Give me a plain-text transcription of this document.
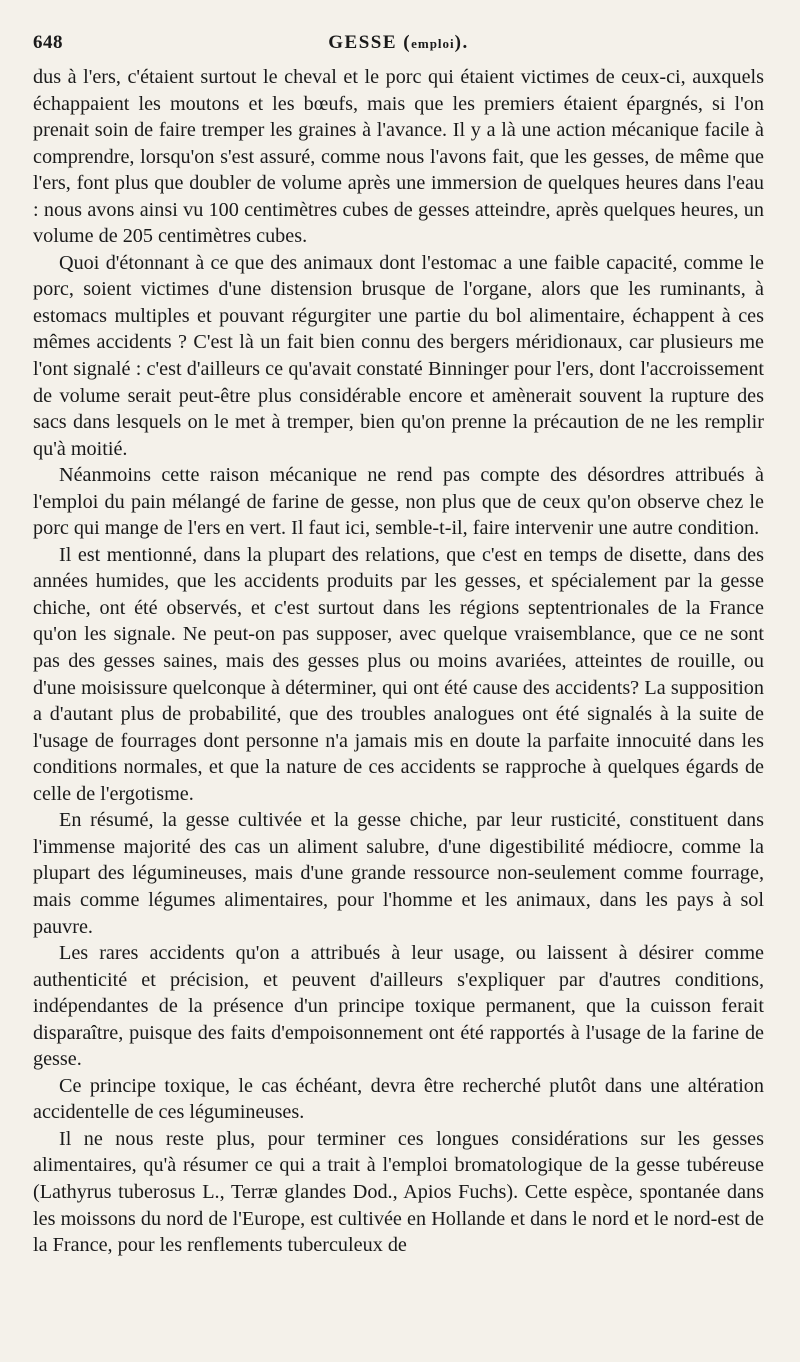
648	GESSE (emploi).

dus à l'ers, c'étaient surtout le cheval et le porc qui étaient victimes de ceux-ci, auxquels échappaient les moutons et les bœufs, mais que les premiers étaient épargnés, si l'on prenait soin de faire tremper les graines à l'avance. Il y a là une action mécanique facile à comprendre, lorsqu'on s'est assuré, comme nous l'avons fait, que les gesses, de même que l'ers, font plus que doubler de volume après une immersion de quelques heures dans l'eau : nous avons ainsi vu 100 centimètres cubes de gesses atteindre, après quelques heures, un volume de 205 centimètres cubes.

Quoi d'étonnant à ce que des animaux dont l'estomac a une faible capacité, comme le porc, soient victimes d'une distension brusque de l'organe, alors que les ruminants, à estomacs multiples et pouvant régurgiter une partie du bol alimentaire, échappent à ces mêmes accidents ? C'est là un fait bien connu des bergers méridionaux, car plusieurs me l'ont signalé : c'est d'ailleurs ce qu'avait constaté Binninger pour l'ers, dont l'accroissement de volume serait peut-être plus considérable encore et amènerait souvent la rupture des sacs dans lesquels on le met à tremper, bien qu'on prenne la précaution de ne les remplir qu'à moitié.

Néanmoins cette raison mécanique ne rend pas compte des désordres attribués à l'emploi du pain mélangé de farine de gesse, non plus que de ceux qu'on observe chez le porc qui mange de l'ers en vert. Il faut ici, semble-t-il, faire intervenir une autre condition.

Il est mentionné, dans la plupart des relations, que c'est en temps de disette, dans des années humides, que les accidents produits par les gesses, et spécialement par la gesse chiche, ont été observés, et c'est surtout dans les régions septentrionales de la France qu'on les signale. Ne peut-on pas supposer, avec quelque vraisemblance, que ce ne sont pas des gesses saines, mais des gesses plus ou moins avariées, atteintes de rouille, ou d'une moisissure quelconque à déterminer, qui ont été cause des accidents? La supposition a d'autant plus de probabilité, que des troubles analogues ont été signalés à la suite de l'usage de fourrages dont personne n'a jamais mis en doute la parfaite innocuité dans les conditions normales, et que la nature de ces accidents se rapproche à quelques égards de celle de l'ergotisme.

En résumé, la gesse cultivée et la gesse chiche, par leur rusticité, constituent dans l'immense majorité des cas un aliment salubre, d'une digestibilité médiocre, comme la plupart des légumineuses, mais d'une grande ressource non-seulement comme fourrage, mais comme légumes alimentaires, pour l'homme et les animaux, dans les pays à sol pauvre.

Les rares accidents qu'on a attribués à leur usage, ou laissent à désirer comme authenticité et précision, et peuvent d'ailleurs s'expliquer par d'autres conditions, indépendantes de la présence d'un principe toxique permanent, que la cuisson ferait disparaître, puisque des faits d'empoisonnement ont été rapportés à l'usage de la farine de gesse.

Ce principe toxique, le cas échéant, devra être recherché plutôt dans une altération accidentelle de ces légumineuses.

Il ne nous reste plus, pour terminer ces longues considérations sur les gesses alimentaires, qu'à résumer ce qui a trait à l'emploi bromatologique de la gesse tubéreuse (Lathyrus tuberosus L., Terræ glandes Dod., Apios Fuchs). Cette espèce, spontanée dans les moissons du nord de l'Europe, est cultivée en Hollande et dans le nord et le nord-est de la France, pour les renflements tuberculeux de
